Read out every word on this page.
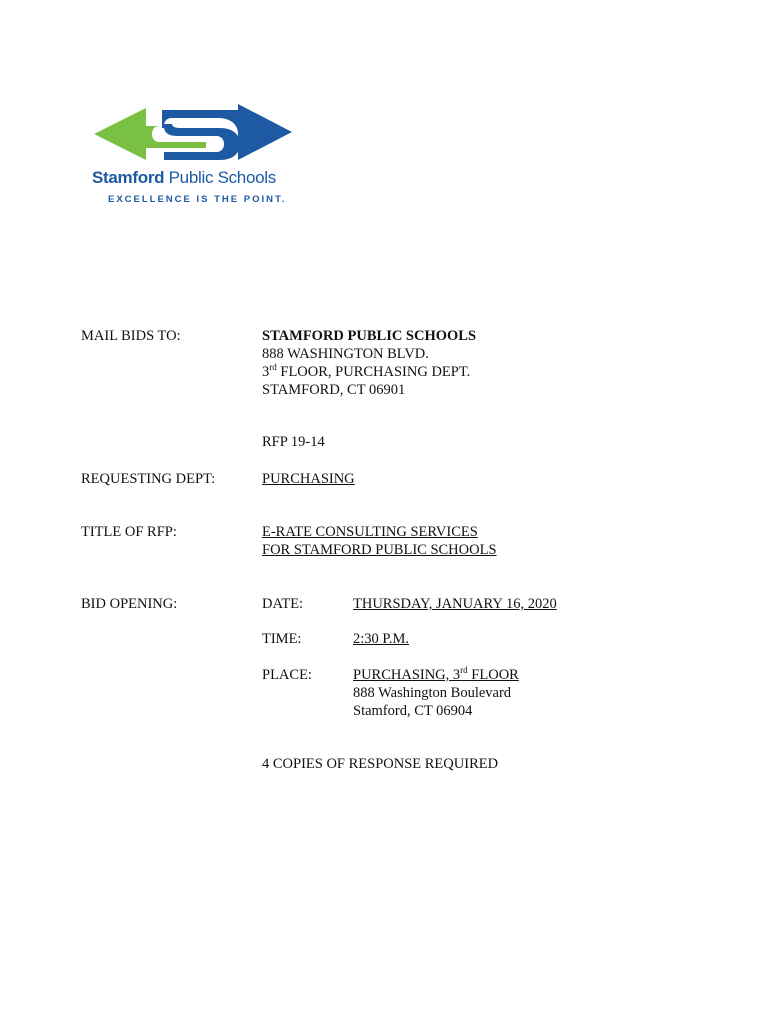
Stamford Public Schools
EXCELLENCE IS THE POINT.
MAIL BIDS TO:	STAMFORD PUBLIC SCHOOLS
888 WASHINGTON BLVD.
3rd FLOOR, PURCHASING DEPT.
STAMFORD, CT 06901
RFP 19-14
REQUESTING DEPT:	PURCHASING
TITLE OF RFP:	E-RATE CONSULTING SERVICES
FOR STAMFORD PUBLIC SCHOOLS
BID OPENING:	DATE:	THURSDAY, JANUARY 16, 2020
TIME:	2:30 P.M.
PLACE:	PURCHASING, 3rd FLOOR
888 Washington Boulevard
Stamford, CT 06904
4 COPIES OF RESPONSE REQUIRED
